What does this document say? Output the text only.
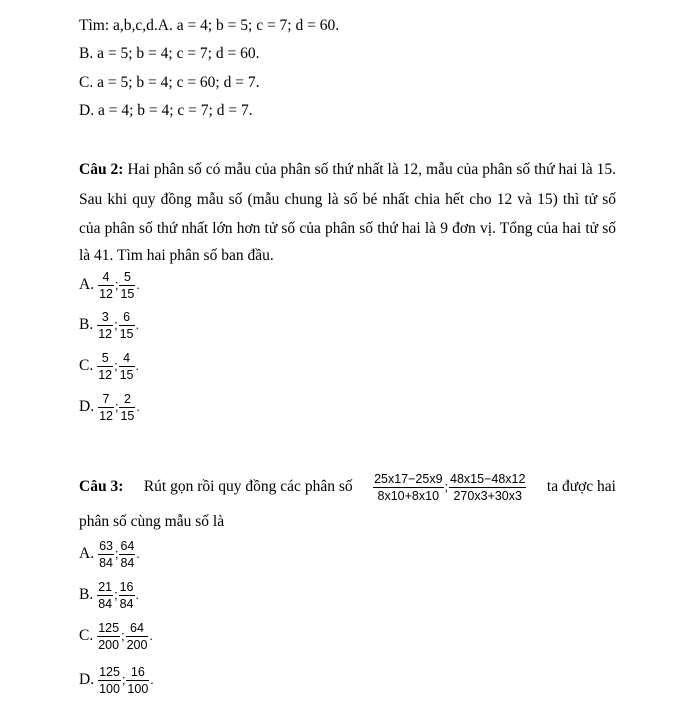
Tìm: a,b,c,d.A. a = 4; b = 5; c = 7; d = 60.
B. a = 5; b = 4; c = 7; d = 60.
C. a = 5; b = 4; c = 60; d = 7.
D. a = 4; b = 4; c = 7; d = 7.
Câu 2: Hai phân số có mẫu của phân số thứ nhất là 12, mẫu của phân số thứ hai là 15.
Sau khi quy đồng mẫu số (mẫu chung là số bé nhất chia hết cho 12 và 15) thì tử số
của phân số thứ nhất lớn hơn tử số của phân số thứ hai là 9 đơn vị. Tổng của hai tử số
là 41. Tìm hai phân số ban đầu.
A. $\frac{4}{12}$ ; $\frac{5}{15}$ .
B. $\frac{3}{12}$ ; $\frac{6}{15}$ .
C. $\frac{5}{12}$ ; $\frac{4}{15}$ .
D. $\frac{7}{12}$ ; $\frac{2}{15}$ .
Câu 3: Rút gọn rồi quy đồng các phân số $\frac{25x17-25x9}{8x10+8x10}$ ; $\frac{48x15-48x12}{270x3+30x3}$ ta được hai
phân số cùng mẫu số là
A. $\frac{63}{84}$ ; $\frac{64}{84}$ .
B. $\frac{21}{84}$ ; $\frac{16}{84}$ .
C. $\frac{125}{200}$ ; $\frac{64}{200}$ .
D. $\frac{125}{100}$ ; $\frac{16}{100}$ .
